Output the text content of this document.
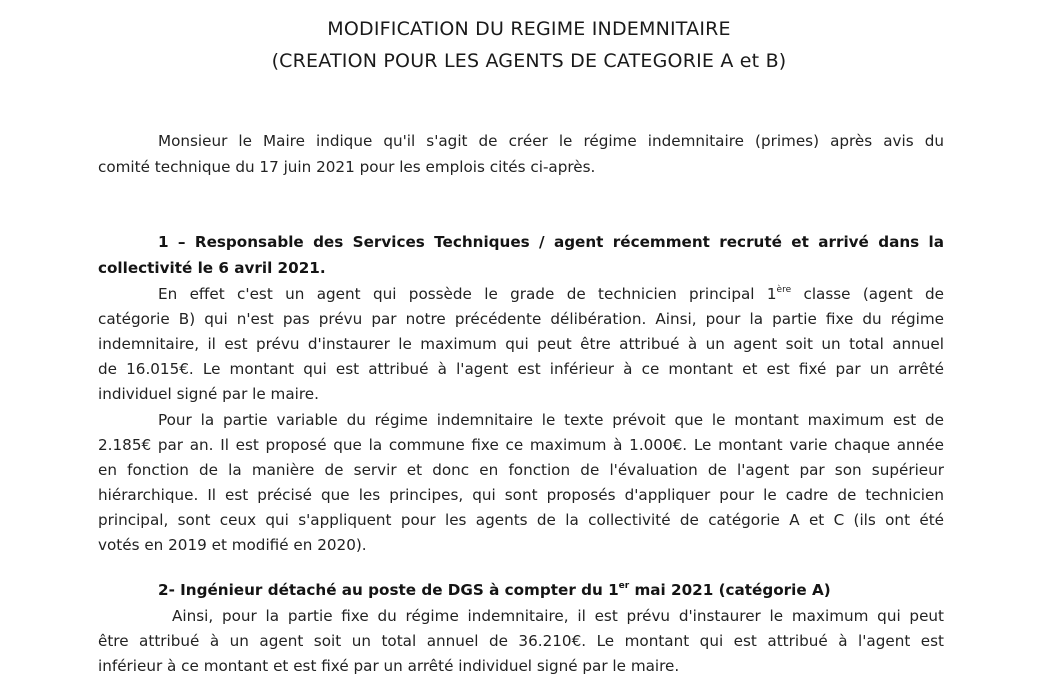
MODIFICATION DU REGIME INDEMNITAIRE
(CREATION POUR LES AGENTS DE CATEGORIE A et B)
Monsieur le Maire indique qu'il s'agit de créer le régime indemnitaire (primes) après avis du
comité technique du 17 juin 2021 pour les emplois cités ci-après.
1 – Responsable des Services Techniques / agent récemment recruté et arrivé dans la
collectivité le 6 avril 2021.
En effet c'est un agent qui possède le grade de technicien principal 1ère classe (agent de
catégorie B) qui n'est pas prévu par notre précédente délibération. Ainsi, pour la partie fixe du régime
indemnitaire, il est prévu d'instaurer le maximum qui peut être attribué à un agent soit un total annuel
de 16.015€. Le montant qui est attribué à l'agent est inférieur à ce montant et est fixé par un arrêté
individuel signé par le maire.
Pour la partie variable du régime indemnitaire le texte prévoit que le montant maximum est de
2.185€ par an. Il est proposé que la commune fixe ce maximum à 1.000€. Le montant varie chaque année
en fonction de la manière de servir et donc en fonction de l'évaluation de l'agent par son supérieur
hiérarchique. Il est précisé que les principes, qui sont proposés d'appliquer pour le cadre de technicien
principal, sont ceux qui s'appliquent pour les agents de la collectivité de catégorie A et C (ils ont été
votés en 2019 et modifié en 2020).
2- Ingénieur détaché au poste de DGS à compter du 1er mai 2021 (catégorie A)
Ainsi, pour la partie fixe du régime indemnitaire, il est prévu d'instaurer le maximum qui peut
être attribué à un agent soit un total annuel de 36.210€. Le montant qui est attribué à l'agent est
inférieur à ce montant et est fixé par un arrêté individuel signé par le maire.
